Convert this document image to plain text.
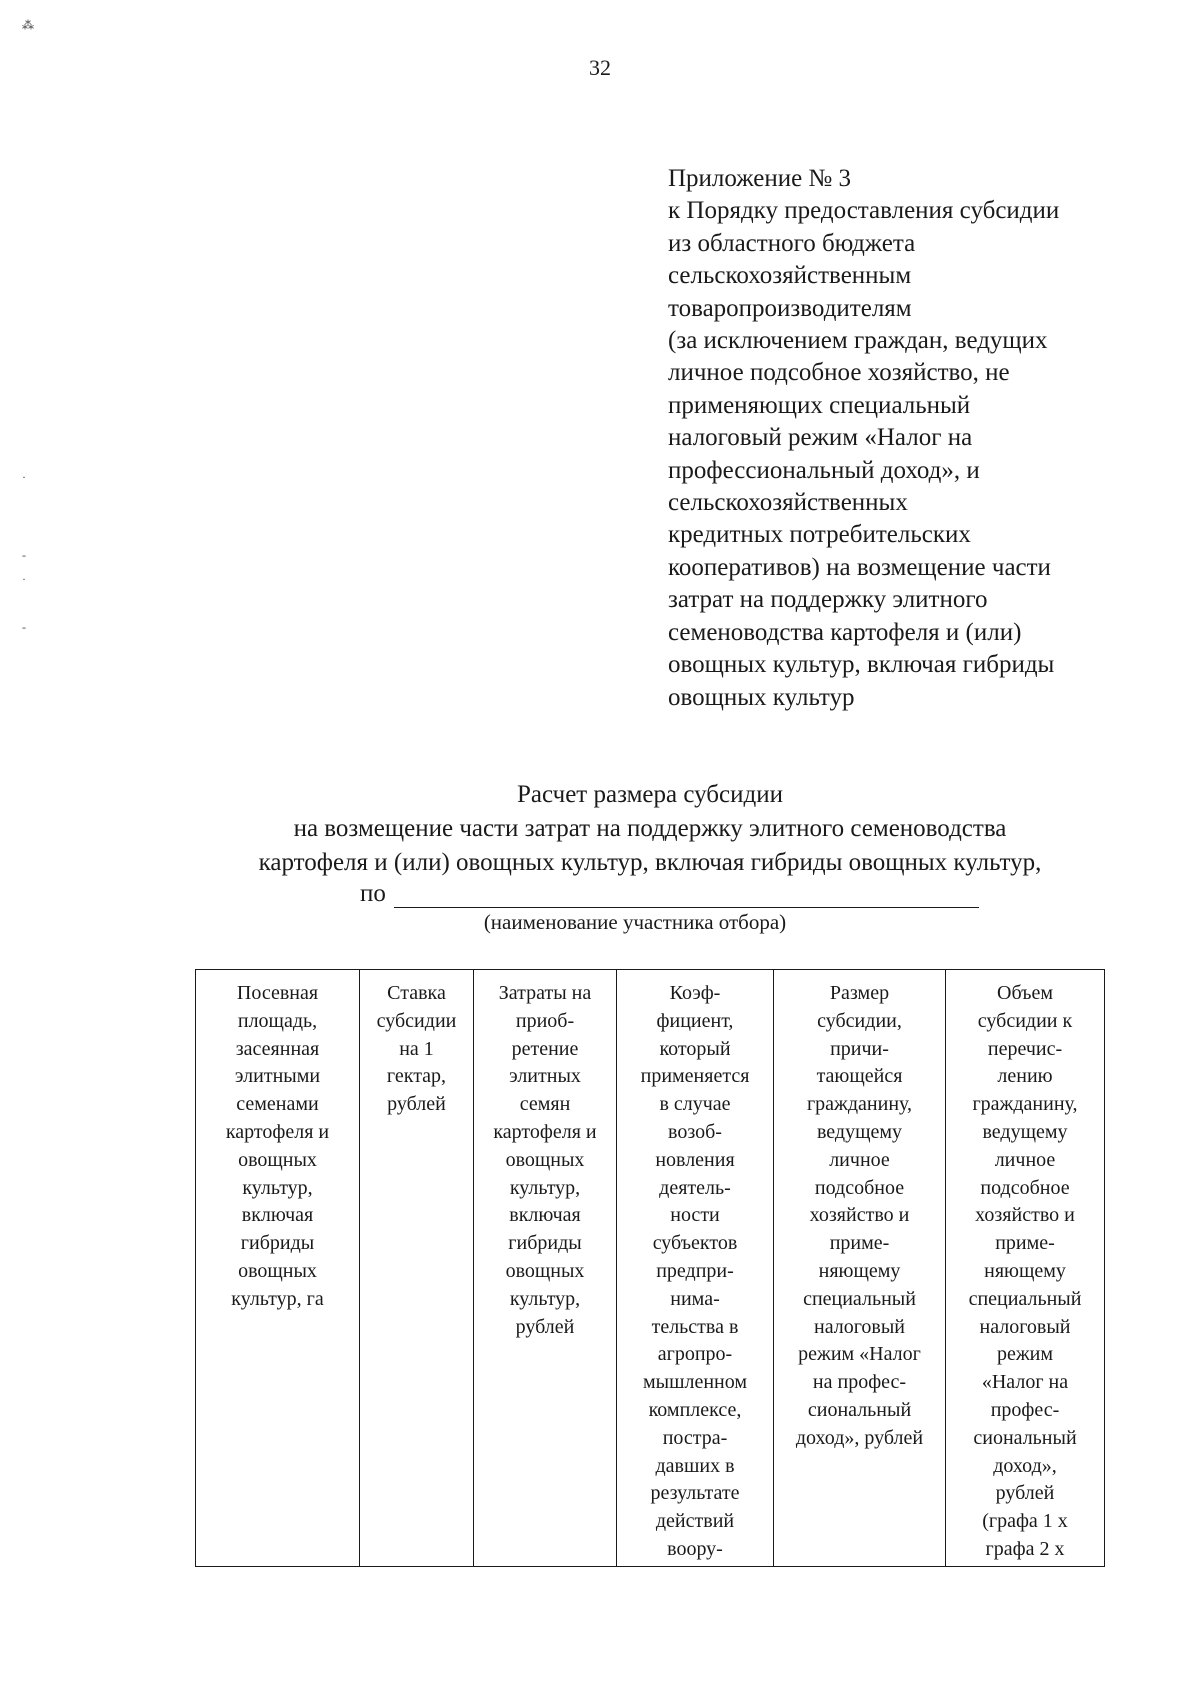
⁂
·
-
·
-
32
Приложение № 3
к Порядку предоставления субсидии
из областного бюджета
сельскохозяйственным
товаропроизводителям
(за исключением граждан, ведущих
личное подсобное хозяйство, не
применяющих специальный
налоговый режим «Налог на
профессиональный доход», и
сельскохозяйственных
кредитных потребительских
кооперативов) на возмещение части
затрат на поддержку элитного
семеноводства картофеля и (или)
овощных культур, включая гибриды
овощных культур
Расчет размера субсидии
на возмещение части затрат на поддержку элитного семеноводства
картофеля и (или) овощных культур, включая гибриды овощных культур,
по
(наименование участника отбора)
Посевная
площадь,
засеянная
элитными
семенами
картофеля и
овощных
культур,
включая
гибриды
овощных
культур, га
Ставка
субсидии
на 1
гектар,
рублей
Затраты на
приоб-
ретение
элитных
семян
картофеля и
овощных
культур,
включая
гибриды
овощных
культур,
рублей
Коэф-
фициент,
который
применяется
в случае
возоб-
новления
деятель-
ности
субъектов
предпри-
нима-
тельства в
агропро-
мышленном
комплексе,
постра-
давших в
результате
действий
воору-
Размер
субсидии,
причи-
тающейся
гражданину,
ведущему
личное
подсобное
хозяйство и
приме-
няющему
специальный
налоговый
режим «Налог
на профес-
сиональный
доход», рублей
Объем
субсидии к
перечис-
лению
гражданину,
ведущему
личное
подсобное
хозяйство и
приме-
няющему
специальный
налоговый
режим
«Налог на
профес-
сиональный
доход»,
рублей
(графа 1 х
графа 2 х
